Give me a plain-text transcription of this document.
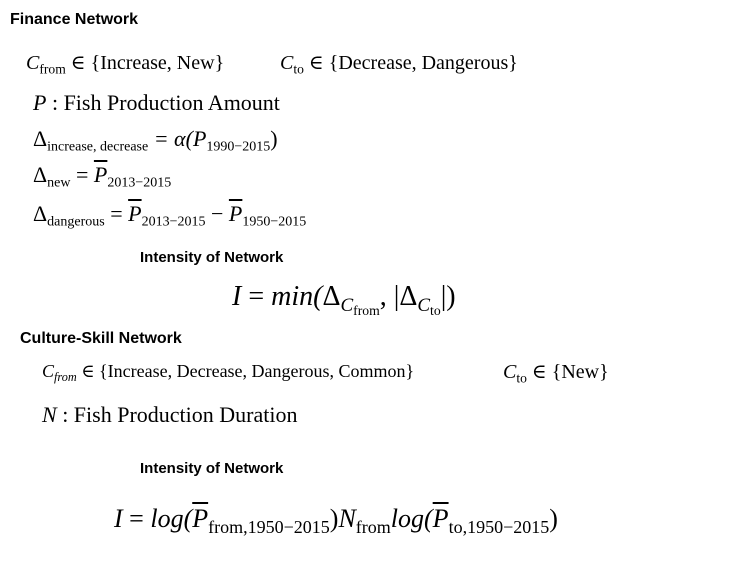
Finance Network
$C_{from}$ ∈ {Increase, New}	$C_{to}$ ∈ {Decrease, Dangerous}
P : Fish Production Amount
$\Delta_{increase, decrease} = \alpha(P_{1990-2015})$
$\Delta_{new} = \overline{P}_{2013-2015}$
$\Delta_{dangerous} = \overline{P}_{2013-2015} - \overline{P}_{1950-2015}$
Intensity of Network
$I = \min(\Delta_{C_{from}}$, $|\Delta_{C_{to}}|$)
Culture-Skill Network
$C_{from}$ ∈ {Increase, Decrease, Dangerous, Common}	$C_{to}$ ∈ {New}
N : Fish Production Duration
Intensity of Network
$I = \log(\overline{P}_{from,1950-2015})N_{from}\log(\overline{P}_{to,1950-2015})$
